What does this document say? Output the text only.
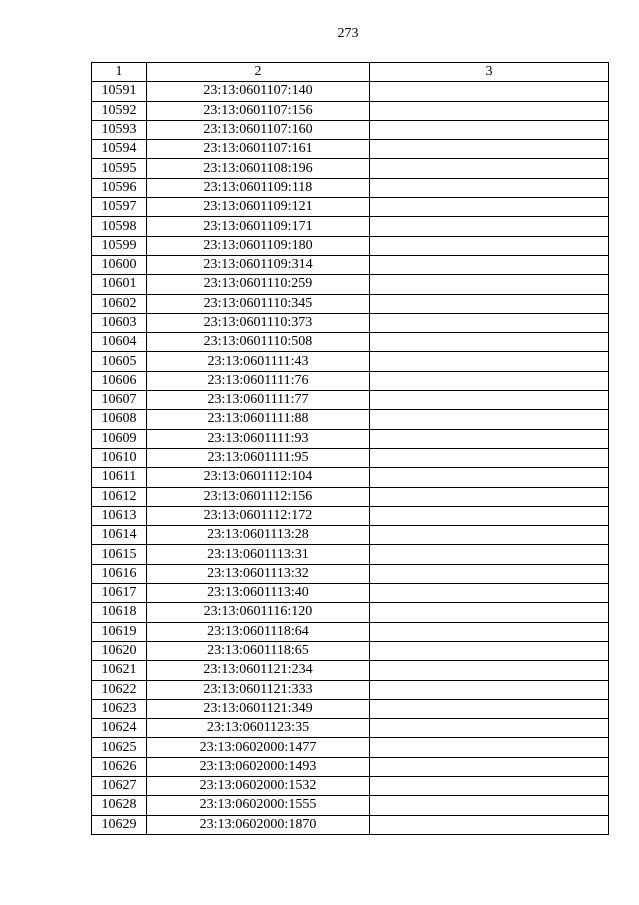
273
1	2	3
10591	23:13:0601107:140	
10592	23:13:0601107:156	
10593	23:13:0601107:160	
10594	23:13:0601107:161	
10595	23:13:0601108:196	
10596	23:13:0601109:118	
10597	23:13:0601109:121	
10598	23:13:0601109:171	
10599	23:13:0601109:180	
10600	23:13:0601109:314	
10601	23:13:0601110:259	
10602	23:13:0601110:345	
10603	23:13:0601110:373	
10604	23:13:0601110:508	
10605	23:13:0601111:43	
10606	23:13:0601111:76	
10607	23:13:0601111:77	
10608	23:13:0601111:88	
10609	23:13:0601111:93	
10610	23:13:0601111:95	
10611	23:13:0601112:104	
10612	23:13:0601112:156	
10613	23:13:0601112:172	
10614	23:13:0601113:28	
10615	23:13:0601113:31	
10616	23:13:0601113:32	
10617	23:13:0601113:40	
10618	23:13:0601116:120	
10619	23:13:0601118:64	
10620	23:13:0601118:65	
10621	23:13:0601121:234	
10622	23:13:0601121:333	
10623	23:13:0601121:349	
10624	23:13:0601123:35	
10625	23:13:0602000:1477	
10626	23:13:0602000:1493	
10627	23:13:0602000:1532	
10628	23:13:0602000:1555	
10629	23:13:0602000:1870	
